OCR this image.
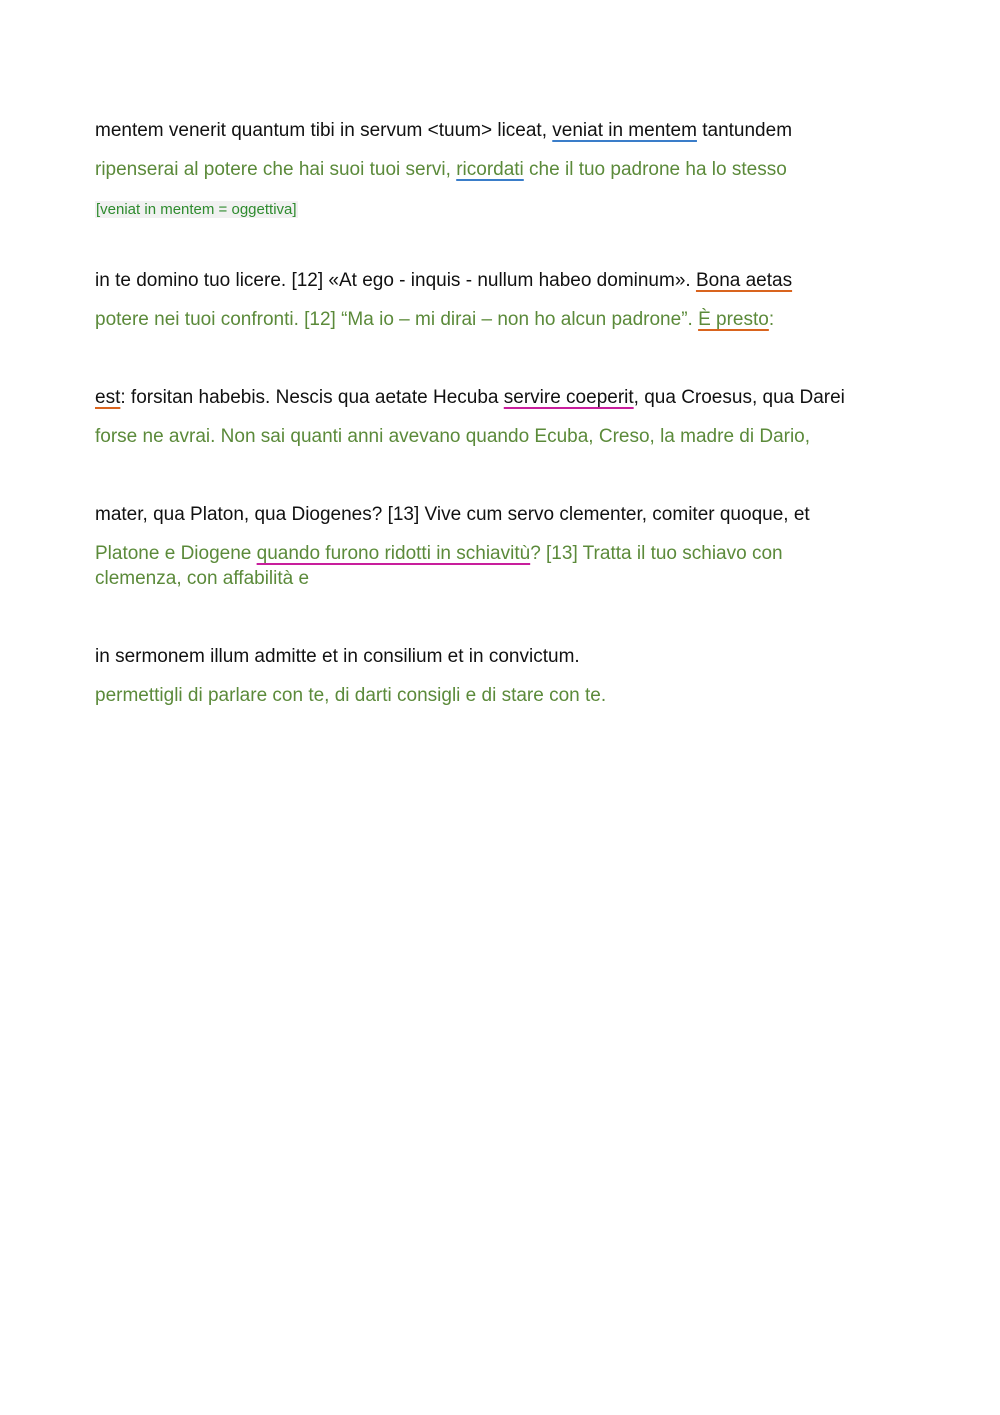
mentem venerit quantum tibi in servum <tuum> liceat, veniat in mentem tantundem
ripenserai al potere che hai suoi tuoi servi, ricordati che il tuo padrone ha lo stesso
[veniat in mentem = oggettiva]
in te domino tuo licere. [12] «At ego - inquis - nullum habeo dominum». Bona aetas
potere nei tuoi confronti. [12] “Ma io – mi dirai – non ho alcun padrone”. È presto:
est: forsitan habebis. Nescis qua aetate Hecuba servire coeperit, qua Croesus, qua Darei
forse ne avrai. Non sai quanti anni avevano quando Ecuba, Creso, la madre di Dario,
mater, qua Platon, qua Diogenes? [13] Vive cum servo clementer, comiter quoque, et
Platone e Diogene quando furono ridotti in schiavitù? [13] Tratta il tuo schiavo con clemenza, con affabilità e
in sermonem illum admitte et in consilium et in convictum.
permettigli di parlare con te, di darti consigli e di stare con te.
